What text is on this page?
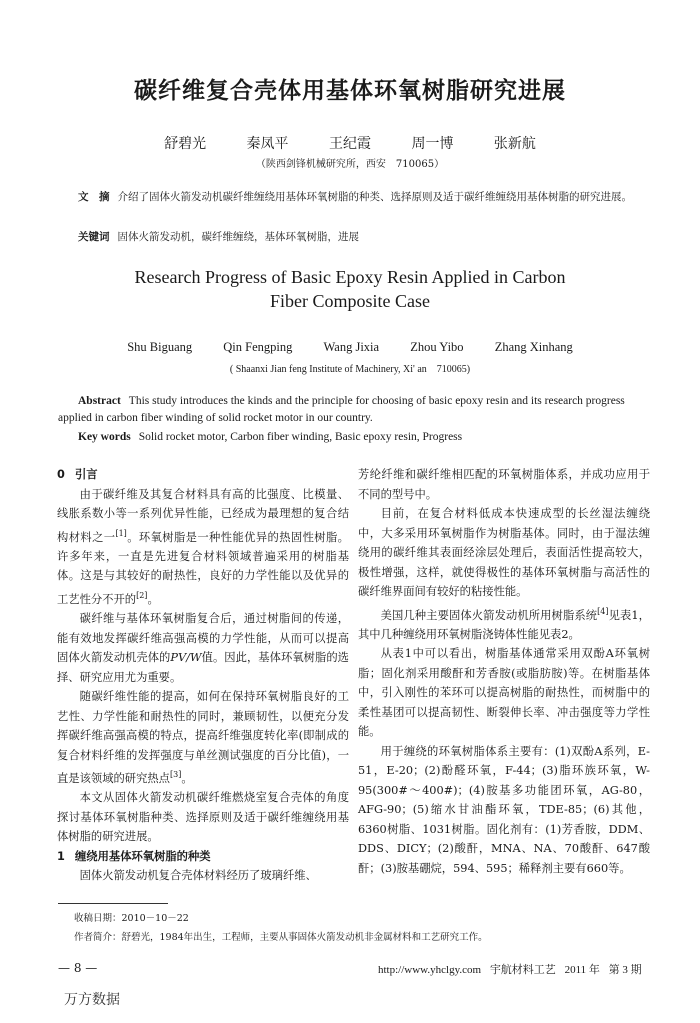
碳纤维复合壳体用基体环氧树脂研究进展
舒碧光	秦凤平	王纪霞	周一博	张新航
（陕西剑锋机械研究所，西安　710065）
文　摘 介绍了固体火箭发动机碳纤维缠绕用基体环氧树脂的种类、选择原则及适于碳纤维缠绕用基体树脂的研究进展。
关键词 固体火箭发动机，碳纤维缠绕，基体环氧树脂，进展
Research Progress of Basic Epoxy Resin Applied in Carbon
Fiber Composite Case
Shu Biguang Qin Fengping Wang Jixia Zhou Yibo Zhang Xinhang
( Shaanxi Jian feng Institute of Machinery, Xi' an　710065)
Abstract This study introduces the kinds and the principle for choosing of basic epoxy resin and its research progress applied in carbon fiber winding of solid rocket motor in our country.
Key words Solid rocket motor, Carbon fiber winding, Basic epoxy resin, Progress
0 引言

由于碳纤维及其复合材料具有高的比强度、比模量、线胀系数小等一系列优异性能，已经成为最理想的复合结构材料之一[1]。环氧树脂是一种性能优异的热固性树脂。许多年来，一直是先进复合材料领域普遍采用的树脂基体。这是与其较好的耐热性，良好的力学性能以及优异的工艺性分不开的[2]。

碳纤维与基体环氧树脂复合后，通过树脂间的传递，能有效地发挥碳纤维高强高模的力学性能，从而可以提高固体火箭发动机壳体的PV/W值。因此，基体环氧树脂的选择、研究应用尤为重要。

随碳纤维性能的提高，如何在保持环氧树脂良好的工艺性、力学性能和耐热性的同时，兼顾韧性，以便充分发挥碳纤维高强高模的特点，提高纤维强度转化率(即制成的复合材料纤维的发挥强度与单丝测试强度的百分比值)，一直是该领域的研究热点[3]。

本文从固体火箭发动机碳纤维燃烧室复合壳体的角度探讨基体环氧树脂种类、选择原则及适于碳纤维缠绕用基体树脂的研究进展。

1 缠绕用基体环氧树脂的种类

固体火箭发动机复合壳体材料经历了玻璃纤维、

芳纶纤维和碳纤维相匹配的环氧树脂体系，并成功应用于不同的型号中。

目前，在复合材料低成本快速成型的长丝湿法缠绕中，大多采用环氧树脂作为树脂基体。同时，由于湿法缠绕用的碳纤维其表面经涂层处理后，表面活性提高较大，极性增强，这样，就使得极性的基体环氧树脂与高活性的碳纤维界面间有较好的粘接性能。

美国几种主要固体火箭发动机所用树脂系统[4]见表1，其中几种缠绕用环氧树脂浇铸体性能见表2。

从表1中可以看出，树脂基体通常采用双酚A环氧树脂；固化剂采用酸酐和芳香胺(或脂肪胺)等。在树脂基体中，引入刚性的苯环可以提高树脂的耐热性，而树脂中的柔性基团可以提高韧性、断裂伸长率、冲击强度等力学性能。

用于缠绕的环氧树脂体系主要有：(1)双酚A系列，E-51，E-20；(2)酚醛环氧，F-44；(3)脂环族环氧，W-95(300#～400#)；(4)胺基多功能团环氧，AG-80，AFG-90；(5)缩水甘油酯环氧，TDE-85；(6)其他，6360树脂、1031树脂。固化剂有：(1)芳香胺，DDM、DDS、DICY；(2)酸酐，MNA、NA、70酸酐、647酸酐；(3)胺基硼烷，594、595；稀释剂主要有660等。

收稿日期：2010－10－22
作者简介：舒碧光，1984年出生，工程师，主要从事固体火箭发动机非金属材料和工艺研究工作。
— 8 —	http://www.yhclgy.com 宇航材料工艺 2011 年 第 3 期
万方数据
